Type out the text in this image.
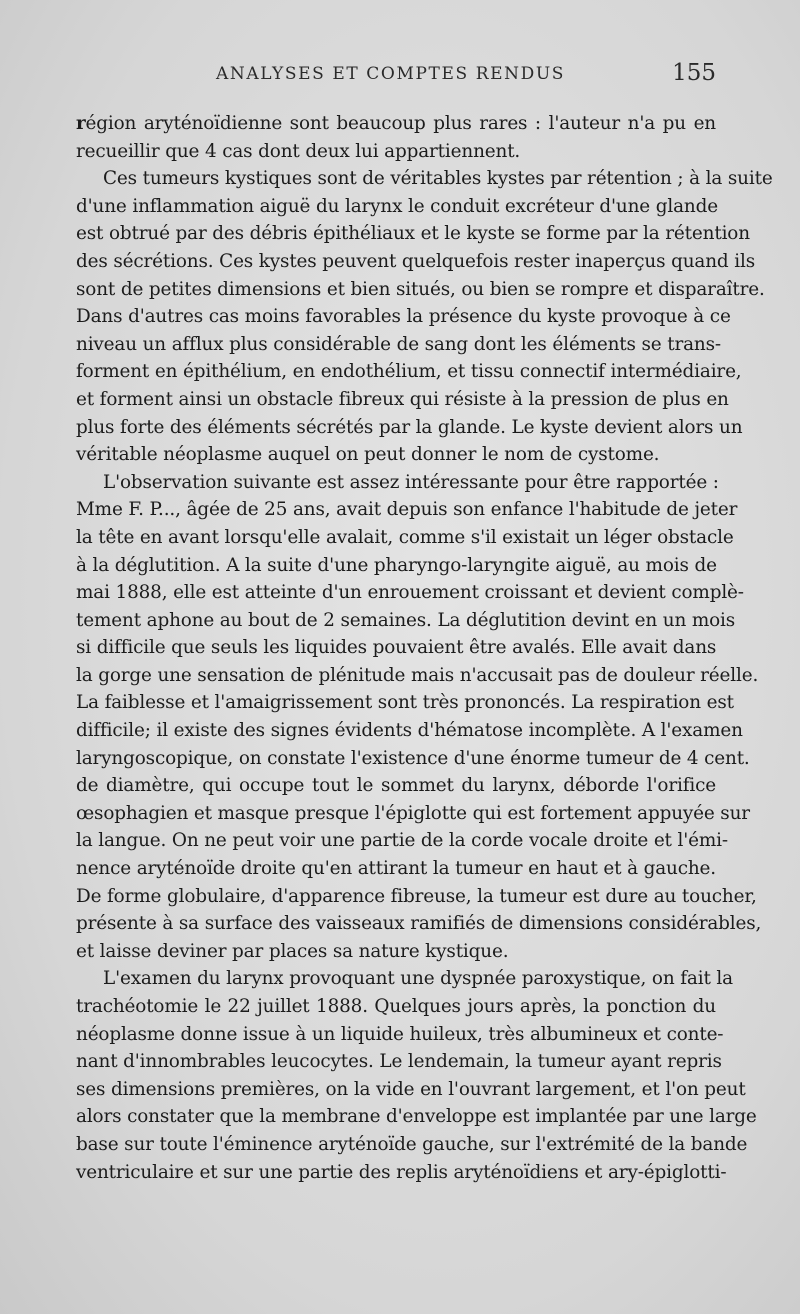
ANALYSES ET COMPTES RENDUS	155
région aryténoïdienne sont beaucoup plus rares : l'auteur n'a pu en
recueillir que 4 cas dont deux lui appartiennent.
Ces tumeurs kystiques sont de véritables kystes par rétention ; à la suite
d'une inflammation aiguë du larynx le conduit excréteur d'une glande
est obtrué par des débris épithéliaux et le kyste se forme par la rétention
des sécrétions. Ces kystes peuvent quelquefois rester inaperçus quand ils
sont de petites dimensions et bien situés, ou bien se rompre et disparaître.
Dans d'autres cas moins favorables la présence du kyste provoque à ce
niveau un afflux plus considérable de sang dont les éléments se trans-
forment en épithélium, en endothélium, et tissu connectif intermédiaire,
et forment ainsi un obstacle fibreux qui résiste à la pression de plus en
plus forte des éléments sécrétés par la glande. Le kyste devient alors un
véritable néoplasme auquel on peut donner le nom de cystome.
L'observation suivante est assez intéressante pour être rapportée :
Mme F. P..., âgée de 25 ans, avait depuis son enfance l'habitude de jeter
la tête en avant lorsqu'elle avalait, comme s'il existait un léger obstacle
à la déglutition. A la suite d'une pharyngo-laryngite aiguë, au mois de
mai 1888, elle est atteinte d'un enrouement croissant et devient complè-
tement aphone au bout de 2 semaines. La déglutition devint en un mois
si difficile que seuls les liquides pouvaient être avalés. Elle avait dans
la gorge une sensation de plénitude mais n'accusait pas de douleur réelle.
La faiblesse et l'amaigrissement sont très prononcés. La respiration est
difficile; il existe des signes évidents d'hématose incomplète. A l'examen
laryngoscopique, on constate l'existence d'une énorme tumeur de 4 cent.
de diamètre, qui occupe tout le sommet du larynx, déborde l'orifice
œsophagien et masque presque l'épiglotte qui est fortement appuyée sur
la langue. On ne peut voir une partie de la corde vocale droite et l'émi-
nence aryténoïde droite qu'en attirant la tumeur en haut et à gauche.
De forme globulaire, d'apparence fibreuse, la tumeur est dure au toucher,
présente à sa surface des vaisseaux ramifiés de dimensions considérables,
et laisse deviner par places sa nature kystique.
L'examen du larynx provoquant une dyspnée paroxystique, on fait la
trachéotomie le 22 juillet 1888. Quelques jours après, la ponction du
néoplasme donne issue à un liquide huileux, très albumineux et conte-
nant d'innombrables leucocytes. Le lendemain, la tumeur ayant repris
ses dimensions premières, on la vide en l'ouvrant largement, et l'on peut
alors constater que la membrane d'enveloppe est implantée par une large
base sur toute l'éminence aryténoïde gauche, sur l'extrémité de la bande
ventriculaire et sur une partie des replis aryténoïdiens et ary-épiglotti-
